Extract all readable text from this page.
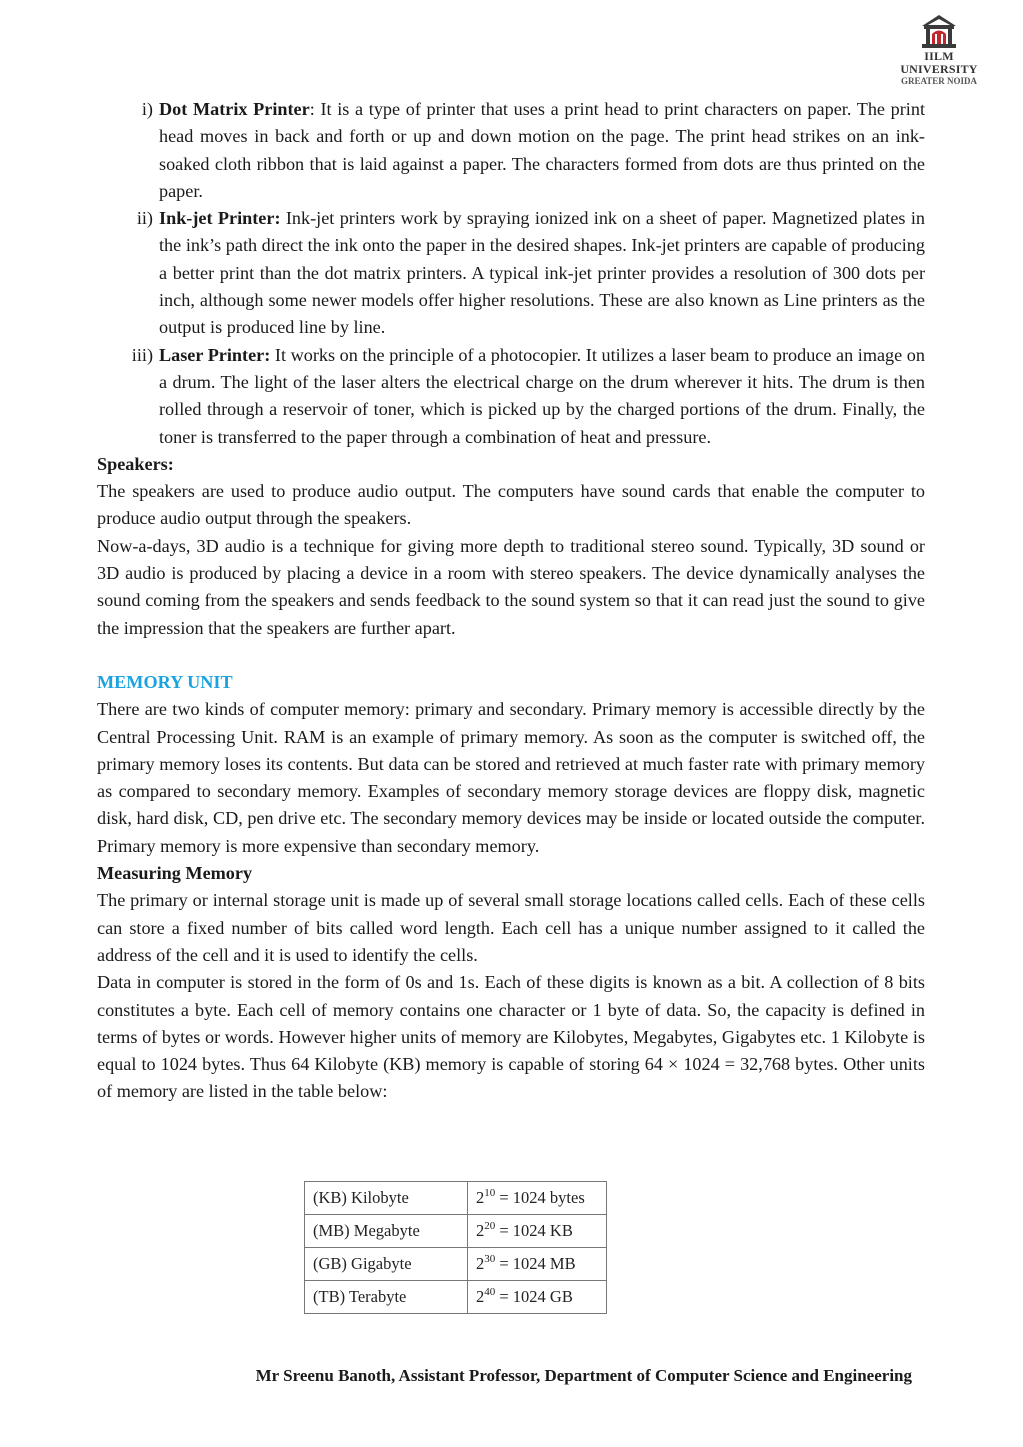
IILM UNIVERSITY
GREATER NOIDA
i) Dot Matrix Printer: It is a type of printer that uses a print head to print characters on paper. The print head moves in back and forth or up and down motion on the page. The print head strikes on an ink-soaked cloth ribbon that is laid against a paper. The characters formed from dots are thus printed on the paper.
ii) Ink-jet Printer: Ink-jet printers work by spraying ionized ink on a sheet of paper. Magnetized plates in the ink’s path direct the ink onto the paper in the desired shapes. Ink-jet printers are capable of producing a better print than the dot matrix printers. A typical ink-jet printer provides a resolution of 300 dots per inch, although some newer models offer higher resolutions. These are also known as Line printers as the output is produced line by line.
iii) Laser Printer: It works on the principle of a photocopier. It utilizes a laser beam to produce an image on a drum. The light of the laser alters the electrical charge on the drum wherever it hits. The drum is then rolled through a reservoir of toner, which is picked up by the charged portions of the drum. Finally, the toner is transferred to the paper through a combination of heat and pressure.

Speakers:

The speakers are used to produce audio output. The computers have sound cards that enable the computer to produce audio output through the speakers.

Now-a-days, 3D audio is a technique for giving more depth to traditional stereo sound. Typically, 3D sound or 3D audio is produced by placing a device in a room with stereo speakers. The device dynamically analyses the sound coming from the speakers and sends feedback to the sound system so that it can read just the sound to give the impression that the speakers are further apart.

MEMORY UNIT

There are two kinds of computer memory: primary and secondary. Primary memory is accessible directly by the Central Processing Unit. RAM is an example of primary memory. As soon as the computer is switched off, the primary memory loses its contents. But data can be stored and retrieved at much faster rate with primary memory as compared to secondary memory. Examples of secondary memory storage devices are floppy disk, magnetic disk, hard disk, CD, pen drive etc. The secondary memory devices may be inside or located outside the computer. Primary memory is more expensive than secondary memory.

Measuring Memory

The primary or internal storage unit is made up of several small storage locations called cells. Each of these cells can store a fixed number of bits called word length. Each cell has a unique number assigned to it called the address of the cell and it is used to identify the cells.

Data in computer is stored in the form of 0s and 1s. Each of these digits is known as a bit. A collection of 8 bits constitutes a byte. Each cell of memory contains one character or 1 byte of data. So, the capacity is defined in terms of bytes or words. However higher units of memory are Kilobytes, Megabytes, Gigabytes etc. 1 Kilobyte is equal to 1024 bytes. Thus 64 Kilobyte (KB) memory is capable of storing 64 × 1024 = 32,768 bytes. Other units of memory are listed in the table below:

(KB) Kilobyte	$2^{10} = 1024$ bytes
(MB) Megabyte	$2^{20} = 1024$ KB
(GB) Gigabyte	$2^{30} = 1024$ MB
(TB) Terabyte	$2^{40} = 1024$ GB
Mr Sreenu Banoth, Assistant Professor, Department of Computer Science and Engineering
